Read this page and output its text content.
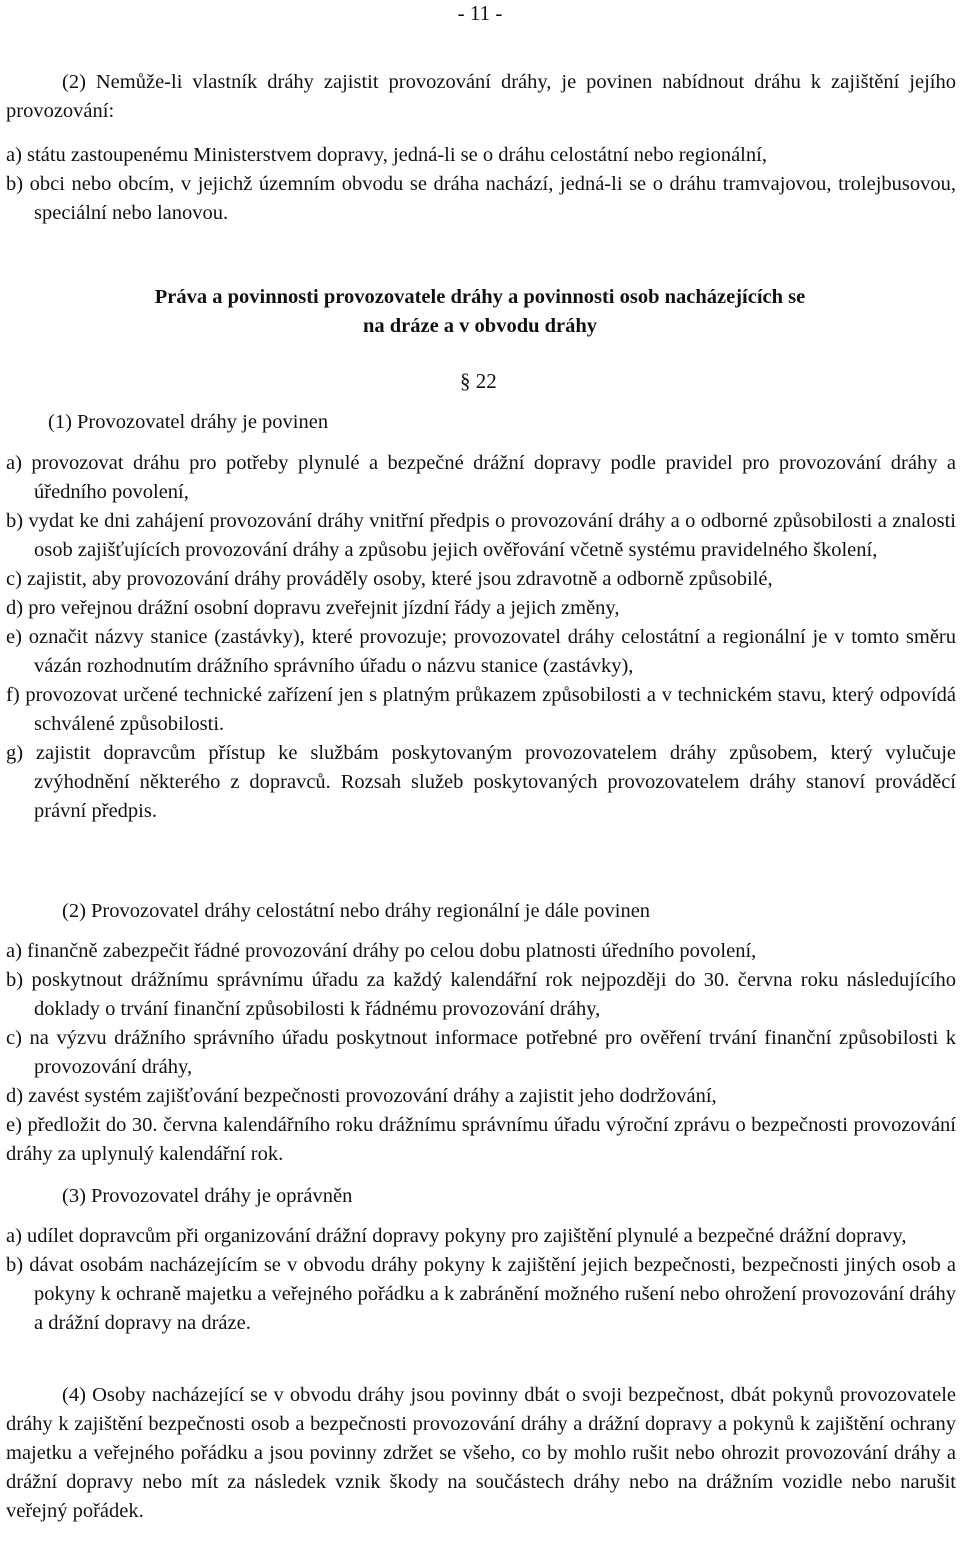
- 11 -

(2) Nemůže-li vlastník dráhy zajistit provozování dráhy, je povinen nabídnout dráhu k zajištění jejího provozování:

a) státu zastoupenému Ministerstvem dopravy, jedná-li se o dráhu celostátní nebo regionální,

b) obci nebo obcím, v jejichž územním obvodu se dráha nachází, jedná-li se o dráhu tramvajovou, trolejbusovou, speciální nebo lanovou.

Práva a povinnosti provozovatele dráhy a povinnosti osob nacházejících se
na dráze a v obvodu dráhy
§ 22

(1) Provozovatel dráhy je povinen

a) provozovat dráhu pro potřeby plynulé a bezpečné drážní dopravy podle pravidel pro provozování dráhy a úředního povolení,

b) vydat ke dni zahájení provozování dráhy vnitřní předpis o provozování dráhy a o odborné způsobilosti a znalosti osob zajišťujících provozování dráhy a způsobu jejich ověřování včetně systému pravidelného školení,

c) zajistit, aby provozování dráhy prováděly osoby, které jsou zdravotně a odborně způsobilé,

d) pro veřejnou drážní osobní dopravu zveřejnit jízdní řády a jejich změny,

e) označit názvy stanice (zastávky), které provozuje; provozovatel dráhy celostátní a regionální je v tomto směru vázán rozhodnutím drážního správního úřadu o názvu stanice (zastávky),

f) provozovat určené technické zařízení jen s platným průkazem způsobilosti a v technickém stavu, který odpovídá schválené způsobilosti.

g) zajistit dopravcům přístup ke službám poskytovaným provozovatelem dráhy způsobem, který vylučuje zvýhodnění některého z dopravců. Rozsah služeb poskytovaných provozovatelem dráhy stanoví prováděcí právní předpis.

(2) Provozovatel dráhy celostátní nebo dráhy regionální je dále povinen

a) finančně zabezpečit řádné provozování dráhy po celou dobu platnosti úředního povolení,

b) poskytnout drážnímu správnímu úřadu za každý kalendářní rok nejpozději do 30. června roku následujícího doklady o trvání finanční způsobilosti k řádnému provozování dráhy,

c) na výzvu drážního správního úřadu poskytnout informace potřebné pro ověření trvání finanční způsobilosti k provozování dráhy,

d) zavést systém zajišťování bezpečnosti provozování dráhy a zajistit jeho dodržování,

e) předložit do 30. června kalendářního roku drážnímu správnímu úřadu výroční zprávu o bezpečnosti provozování dráhy za uplynulý kalendářní rok.

(3) Provozovatel dráhy je oprávněn

a) udílet dopravcům při organizování drážní dopravy pokyny pro zajištění plynulé a bezpečné drážní dopravy,

b) dávat osobám nacházejícím se v obvodu dráhy pokyny k zajištění jejich bezpečnosti, bezpečnosti jiných osob a pokyny k ochraně majetku a veřejného pořádku a k zabránění možného rušení nebo ohrožení provozování dráhy a drážní dopravy na dráze.

(4) Osoby nacházející se v obvodu dráhy jsou povinny dbát o svoji bezpečnost, dbát pokynů provozovatele dráhy k zajištění bezpečnosti osob a bezpečnosti provozování dráhy a drážní dopravy a pokynů k zajištění ochrany majetku a veřejného pořádku a jsou povinny zdržet se všeho, co by mohlo rušit nebo ohrozit provozování dráhy a drážní dopravy nebo mít za následek vznik škody na součástech dráhy nebo na drážním vozidle nebo narušit veřejný pořádek.
